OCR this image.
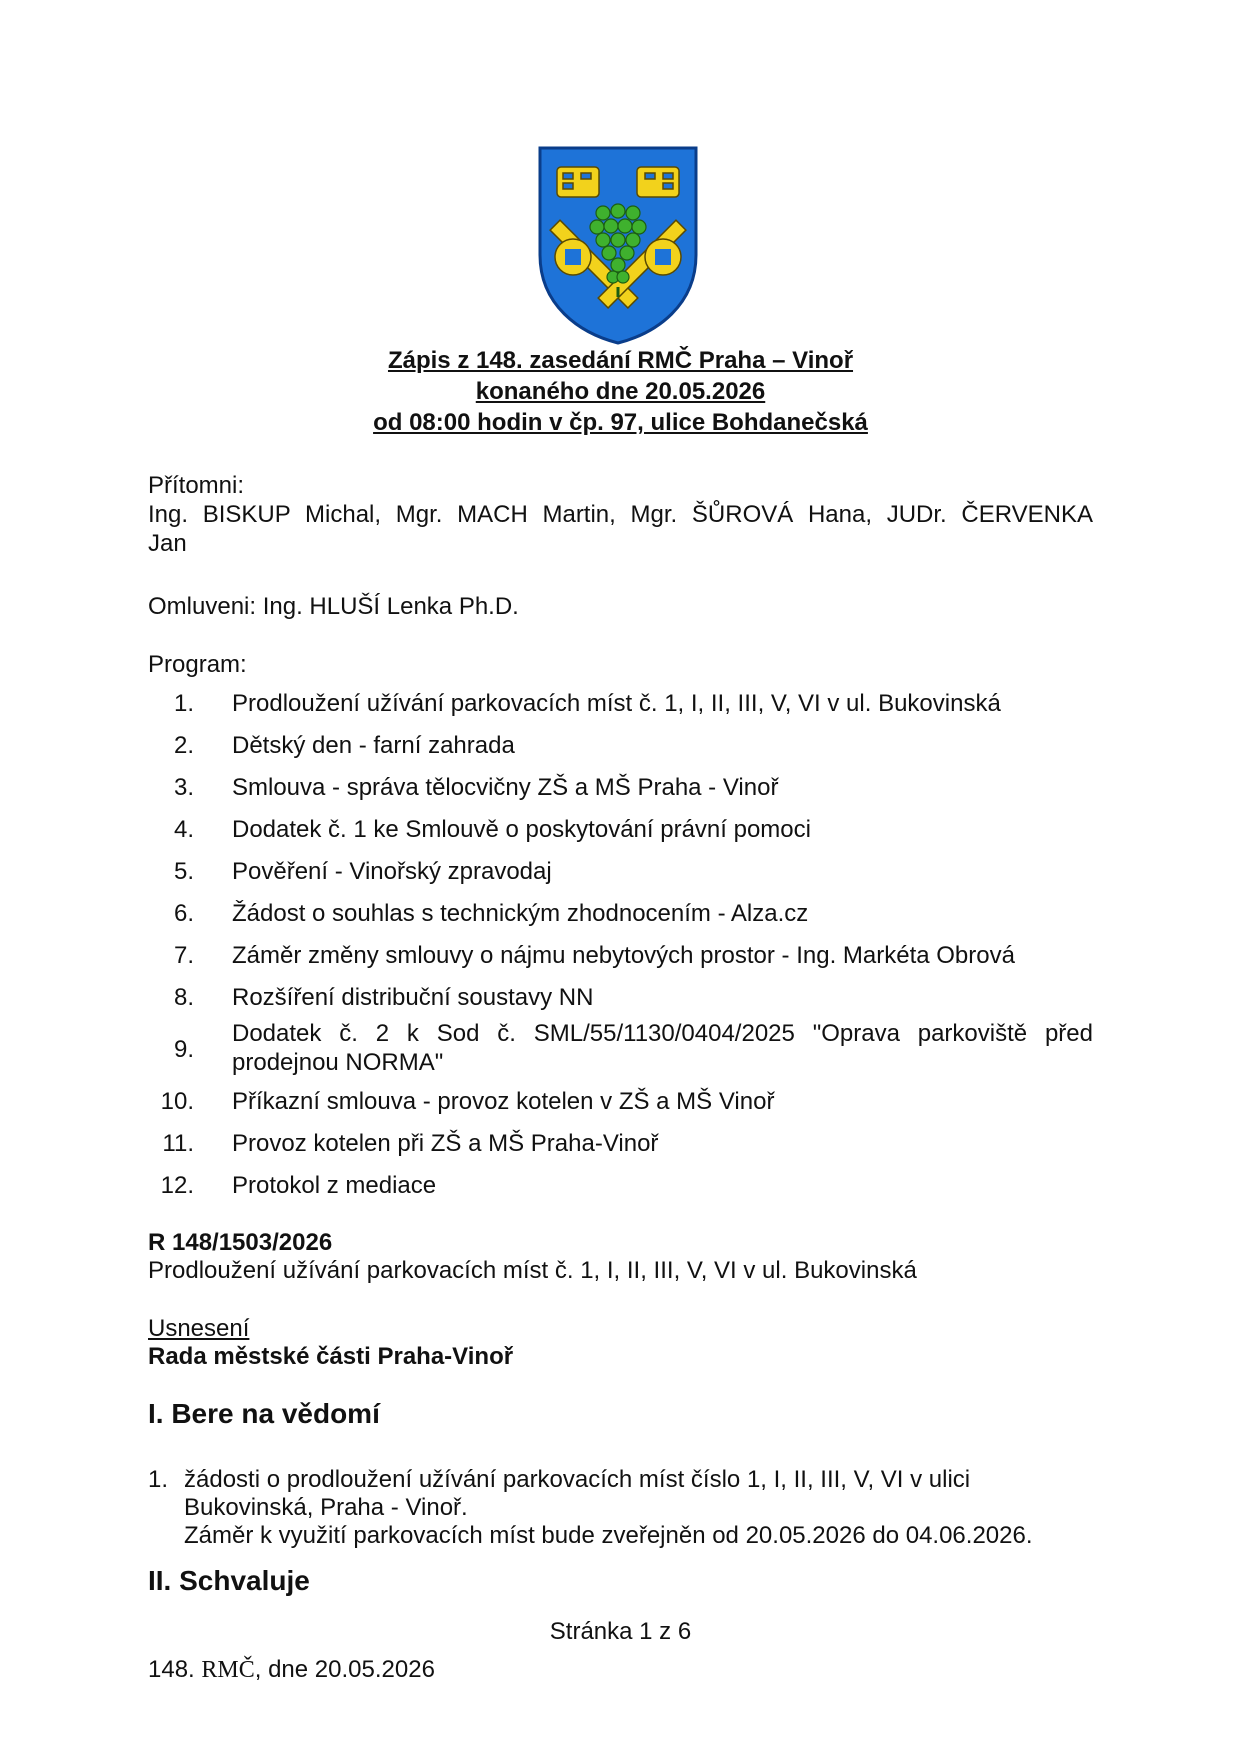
Zápis z 148. zasedání RMČ Praha – Vinoř
konaného dne 20.05.2026
od 08:00 hodin v čp. 97, ulice Bohdanečská
Přítomni:
Ing. BISKUP Michal, Mgr. MACH Martin, Mgr. ŠŮROVÁ Hana, JUDr. ČERVENKA
Jan
Omluveni: Ing. HLUŠÍ Lenka Ph.D.
Program:
1. Prodloužení užívání parkovacích míst č. 1, I, II, III, V, VI v ul. Bukovinská
2. Dětský den - farní zahrada
3. Smlouva - správa tělocvičny ZŠ a MŠ Praha - Vinoř
4. Dodatek č. 1 ke Smlouvě o poskytování právní pomoci
5. Pověření - Vinořský zpravodaj
6. Žádost o souhlas s technickým zhodnocením - Alza.cz
7. Záměr změny smlouvy o nájmu nebytových prostor - Ing. Markéta Obrová
8. Rozšíření distribuční soustavy NN
9.
Dodatek č. 2 k Sod č. SML/55/1130/0404/2025 "Oprava parkoviště před prodejnou NORMA"
10. Příkazní smlouva - provoz kotelen v ZŠ a MŠ Vinoř
11. Provoz kotelen při ZŠ a MŠ Praha-Vinoř
12. Protokol z mediace
R 148/1503/2026
Prodloužení užívání parkovacích míst č. 1, I, II, III, V, VI v ul. Bukovinská
Usnesení
Rada městské části Praha-Vinoř
I. Bere na vědomí
1. žádosti o prodloužení užívání parkovacích míst číslo 1, I, II, III, V, VI v ulici
Bukovinská, Praha - Vinoř.
Záměr k využití parkovacích míst bude zveřejněn od 20.05.2026 do 04.06.2026.
II. Schvaluje
Stránka 1 z 6
148. RMČ, dne 20.05.2026
